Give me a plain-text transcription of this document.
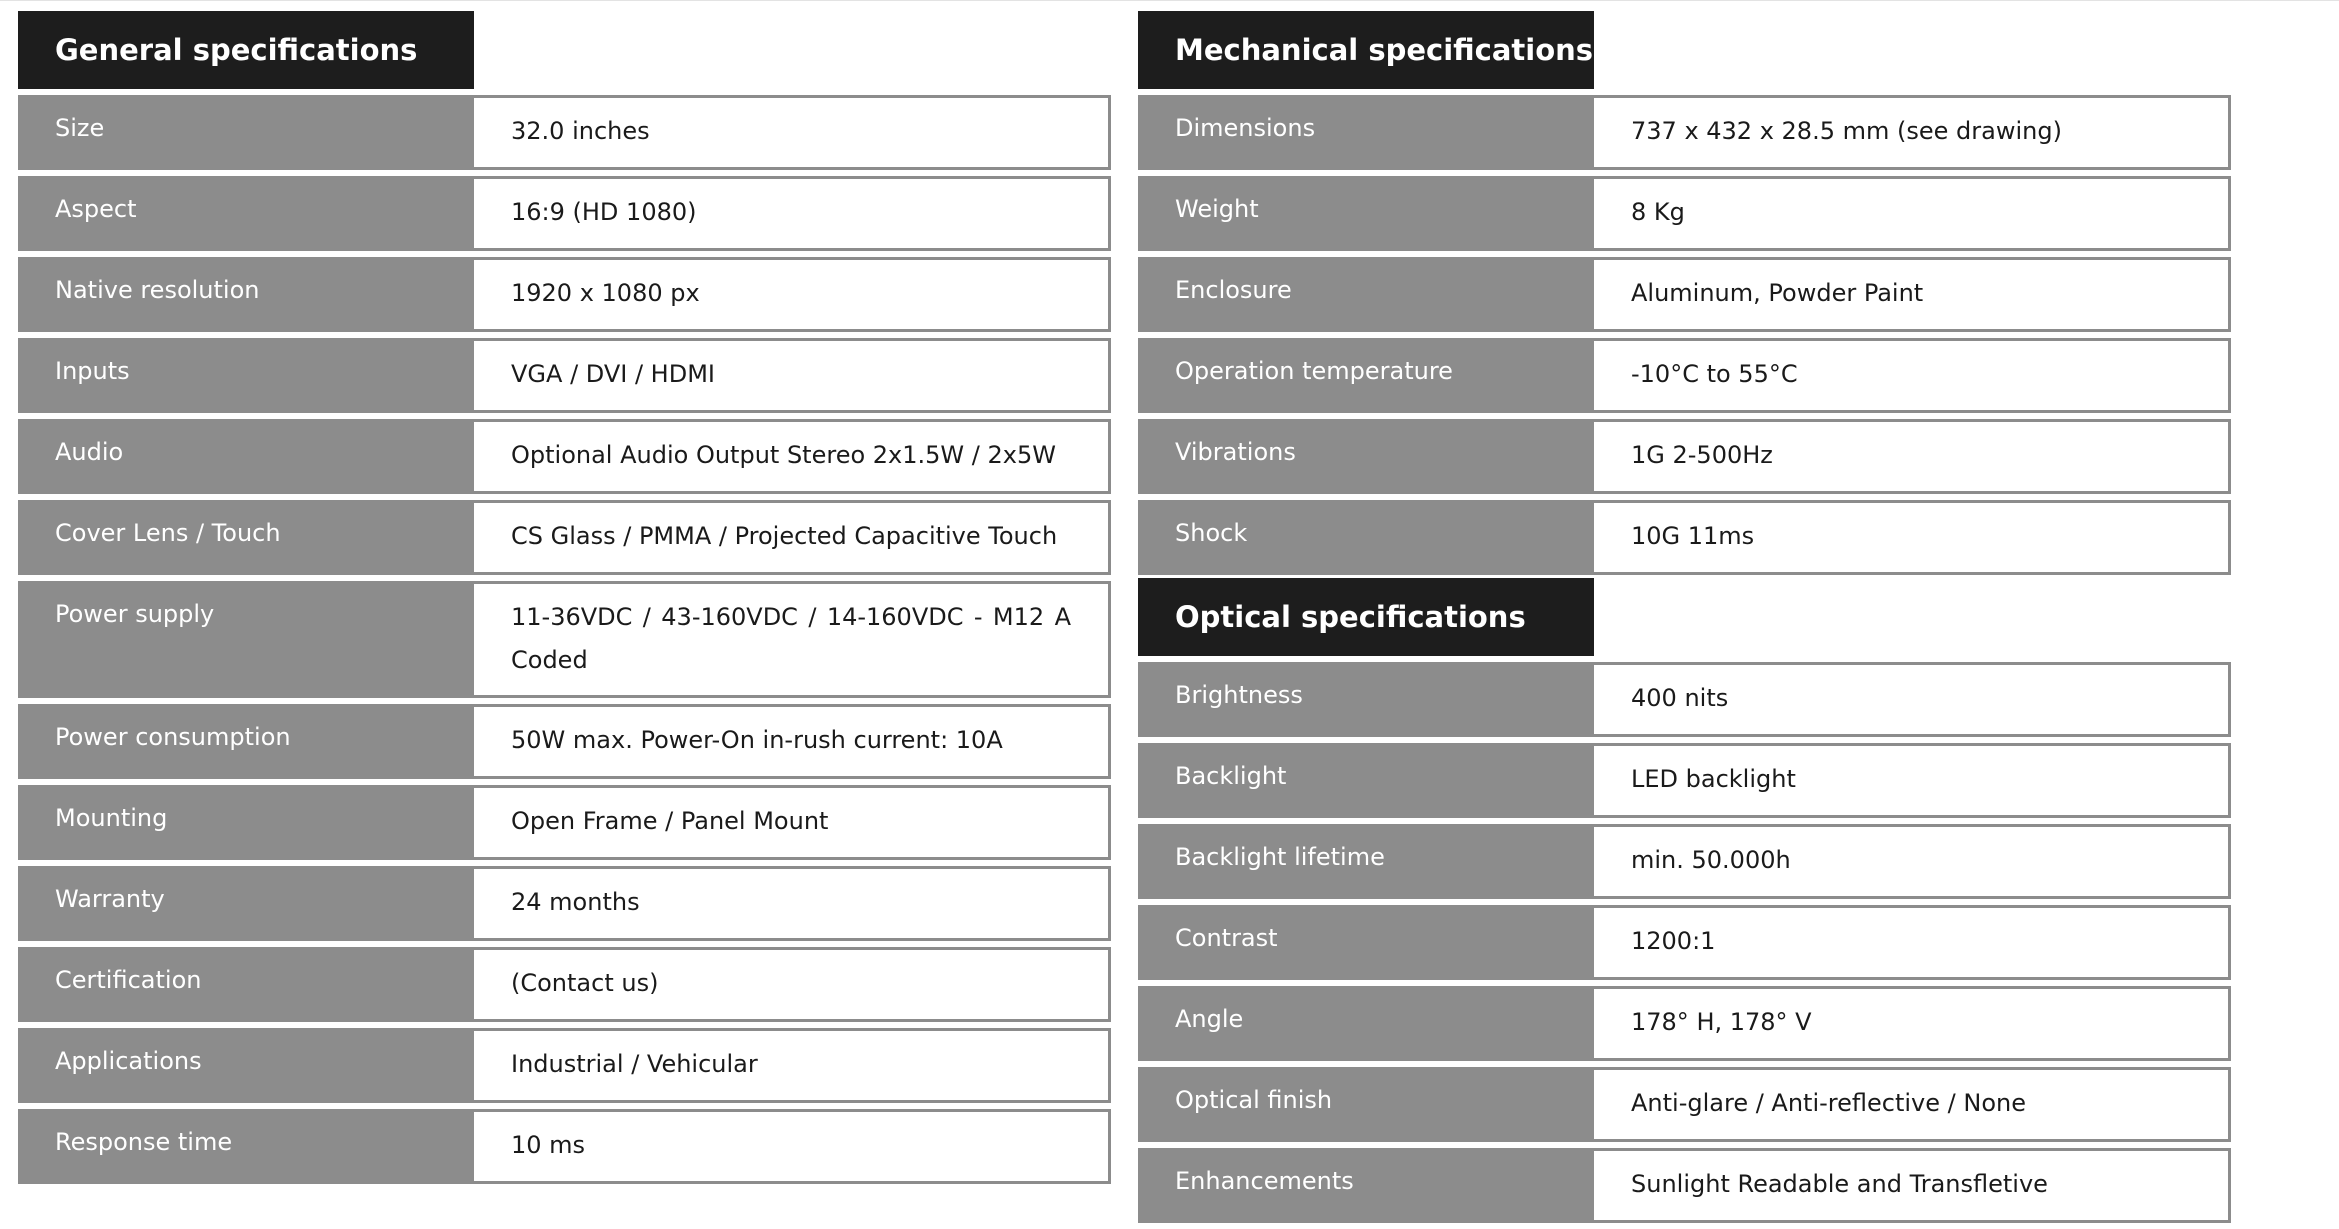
General specifications	
Size	32.0 inches
Aspect	16:9 (HD 1080)
Native resolution	1920 x 1080 px
Inputs	VGA / DVI / HDMI
Audio	Optional Audio Output Stereo 2x1.5W / 2x5W
Cover Lens / Touch	CS Glass / PMMA / Projected Capacitive Touch
Power supply	11-36VDC / 43-160VDC / 14-160VDC - M12 A Coded
Power consumption	50W max. Power-On in-rush current: 10A
Mounting	Open Frame / Panel Mount
Warranty	24 months
Certification	(Contact us)
Applications	Industrial / Vehicular
Response time	10 ms
Mechanical specifications	
Dimensions	737 x 432 x 28.5 mm (see drawing)
Weight	8 Kg
Enclosure	Aluminum, Powder Paint
Operation temperature	-10°C to 55°C
Vibrations	1G 2-500Hz
Shock	10G 11ms
Optical specifications	
Brightness	400 nits
Backlight	LED backlight
Backlight lifetime	min. 50.000h
Contrast	1200:1
Angle	178° H, 178° V
Optical finish	Anti-glare / Anti-reflective / None
Enhancements	Sunlight Readable and Transfletive
